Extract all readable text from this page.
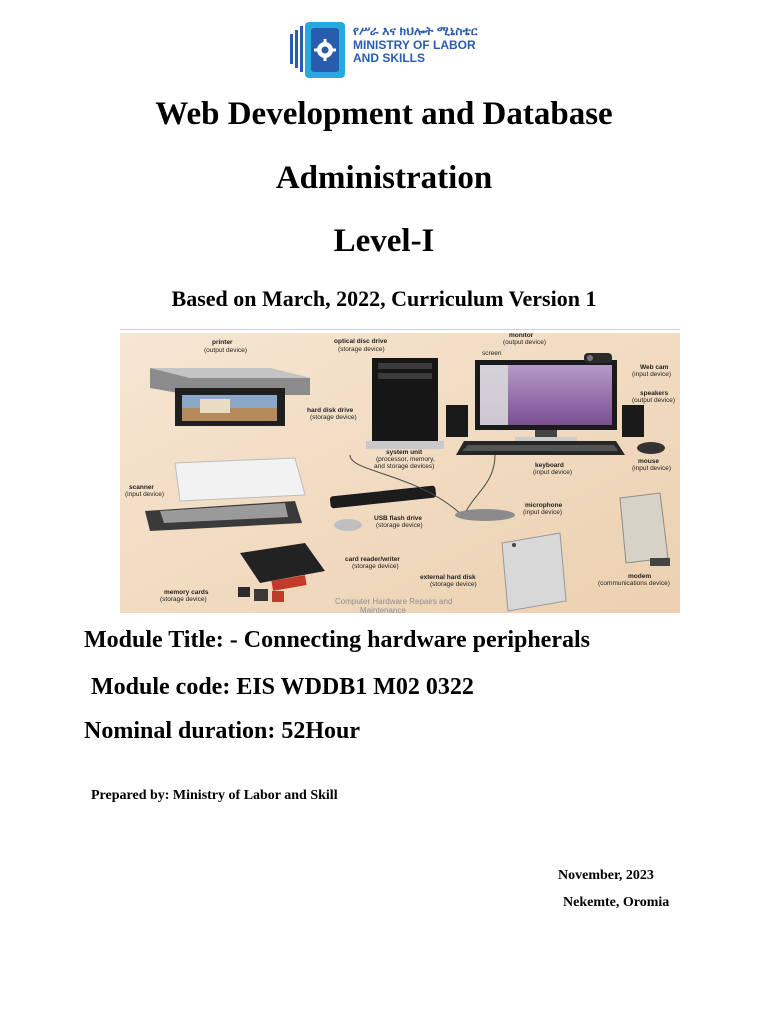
የሥራ እና ክህሎት ሚኒስቴር
MINISTRY OF LABOR
AND SKILLS
Web Development and Database
Administration
Level-I
Based on March, 2022, Curriculum Version 1
printer
(output device)
optical disc drive
(storage device)
hard disk drive
(storage device)
system unit
(processor, memory,
and storage devices)
monitor
(output device)
screen
Web cam
(input device)
speakers
(output device)
keyboard
(input device)
mouse
(input device)
scanner
(input device)
USB flash drive
(storage device)
microphone
(input device)
card reader/writer
(storage device)
memory cards
(storage device)
external hard disk
(storage device)
modem
(communications device)
Computer Hardware Repairs and
Maintenance
Module Title: - Connecting hardware peripherals
Module code: EIS WDDB1 M02 0322
Nominal duration: 52Hour
Prepared by: Ministry of Labor and Skill
November, 2023
Nekemte, Oromia
